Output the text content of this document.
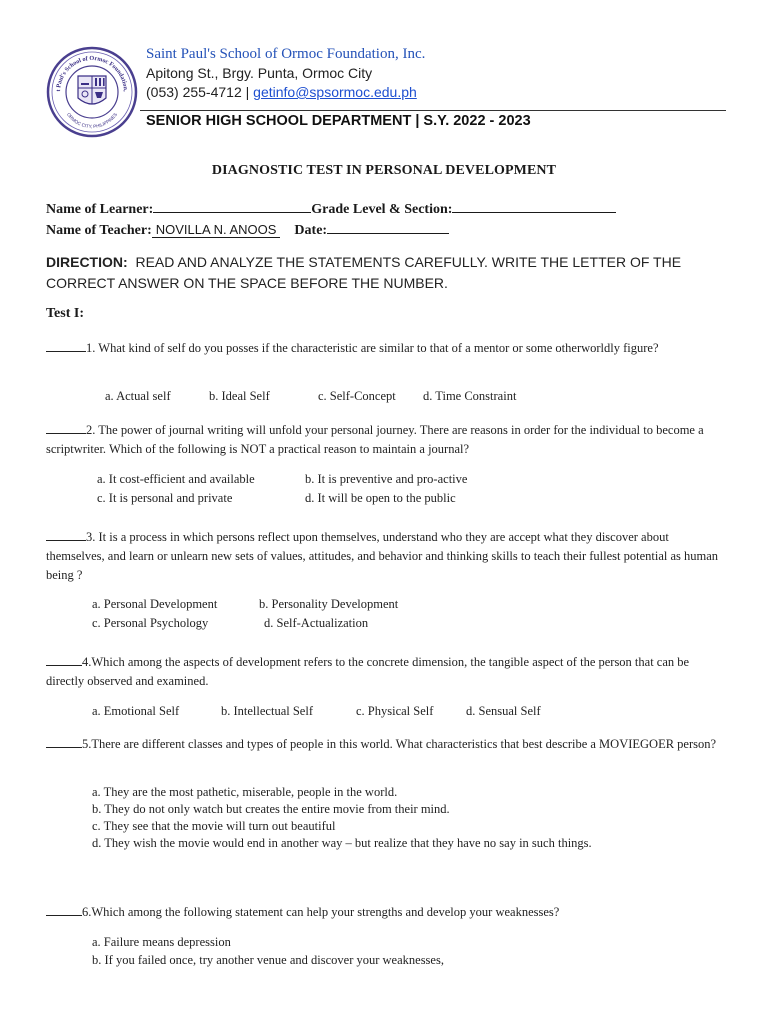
t Paul's School of Ormoc Foundation,
ORMOC CITY, PHILIPPINES
Saint Paul's School of Ormoc Foundation, Inc.
Apitong St., Brgy. Punta, Ormoc City
(053) 255-4712 | getinfo@spsormoc.edu.ph
SENIOR HIGH SCHOOL DEPARTMENT | S.Y. 2022 - 2023
DIAGNOSTIC TEST IN PERSONAL DEVELOPMENT
Name of Learner:	Grade Level & Section:
Name of Teacher: NOVILLA N. ANOOS Date:
DIRECTION: READ AND ANALYZE THE STATEMENTS CAREFULLY. WRITE THE LETTER OF THE CORRECT ANSWER ON THE SPACE BEFORE THE NUMBER.
Test I:
1. What kind of self do you posses if the characteristic are similar to that of a mentor or some otherworldly figure?
a. Actual self	b. Ideal Self	c. Self-Concept d. Time Constraint
2. The power of journal writing will unfold your personal journey. There are reasons in order for the individual to become a scriptwriter. Which of the following is NOT a practical reason to maintain a journal?
a. It cost-efficient and available	b. It is preventive and pro-active
c. It is personal and private	d. It will be open to the public
3. It is a process in which persons reflect upon themselves, understand who they are accept what they discover about themselves, and learn or unlearn new sets of values, attitudes, and behavior and thinking skills to teach their fullest potential as human being ?
a. Personal Development	b. Personality Development
c. Personal Psychology	d. Self-Actualization
4.Which among the aspects of development refers to the concrete dimension, the tangible aspect of the person that can be directly observed and examined.
a. Emotional Self	b. Intellectual Self	c. Physical Self	d. Sensual Self
5.There are different classes and types of people in this world. What characteristics that best describe a MOVIEGOER person?
a. They are the most pathetic, miserable, people in the world.
b. They do not only watch but creates the entire movie from their mind.
c. They see that the movie will turn out beautiful
d. They wish the movie would end in another way – but realize that they have no say in such things.
6.Which among the following statement can help your strengths and develop your weaknesses?
a. Failure means depression
b. If you failed once, try another venue and discover your weaknesses,
